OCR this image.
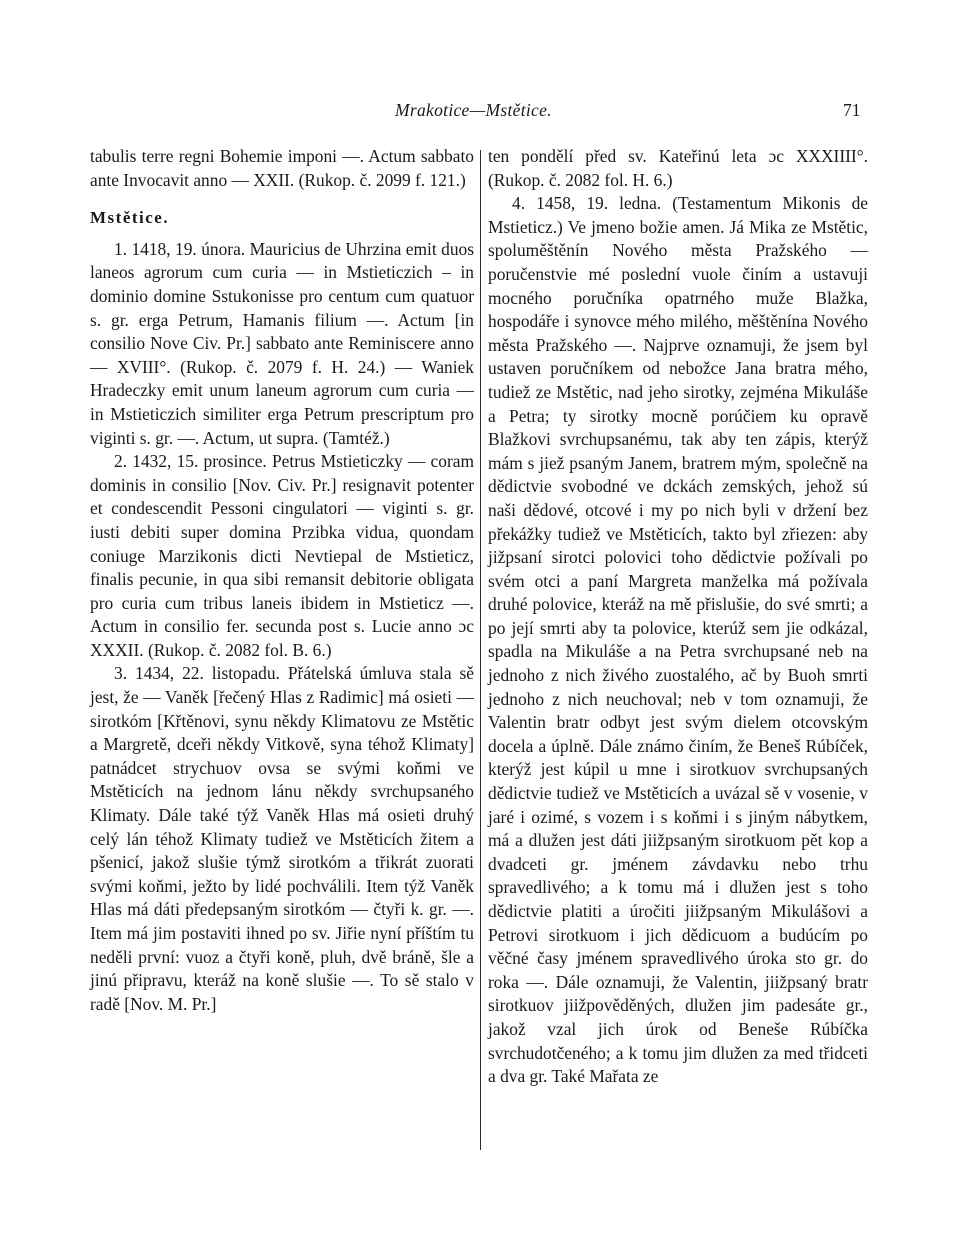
Mrakotice—Mstětice.	71

tabulis terre regni Bohemie imponi —. Actum sabbato ante Invocavit anno — XXII. (Rukop. č. 2099 f. 121.)

Mstětice.

1. 1418, 19. února. Mauricius de Uhrzina emit duos laneos agrorum cum curia — in Mstieticzich – in dominio domine Sstukonisse pro centum cum quatuor s. gr. erga Petrum, Hamanis filium —. Actum [in consilio Nove Civ. Pr.] sabbato ante Reminiscere anno — XVIII°. (Rukop. č. 2079 f. H. 24.) — Waniek Hradeczky emit unum laneum agrorum cum curia — in Mstieticzich similiter erga Petrum prescriptum pro viginti s. gr. —. Actum, ut supra. (Tamtéž.)

2. 1432, 15. prosince. Petrus Mstieticzky — coram dominis in consilio [Nov. Civ. Pr.] resignavit potenter et condescendit Pessoni cingulatori — viginti s. gr. iusti debiti super domina Przibka vidua, quondam coniuge Marzikonis dicti Nevtiepal de Mstieticz, finalis pecunie, in qua sibi remansit debitorie obligata pro curia cum tribus laneis ibidem in Mstieticz —. Actum in consilio fer. secunda post s. Lucie anno ɔc XXXII. (Rukop. č. 2082 fol. B. 6.)

3. 1434, 22. listopadu. Přátelská úmluva stala sě jest, že — Vaněk [řečený Hlas z Radimic] má osieti — sirotkóm [Křtěnovi, synu někdy Klimatovu ze Mstětic a Margretě, dceři někdy Vitkově, syna téhož Klimaty] patnádcet strychuov ovsa se svými koňmi ve Mstěticích na jednom lánu někdy svrchupsaného Klimaty. Dále také týž Vaněk Hlas má osieti druhý celý lán téhož Klimaty tudiež ve Mstěticích žitem a pšenicí, jakož slušie týmž sirotkóm a třikrát zuorati svými koňmi, ježto by lidé pochválili. Item týž Vaněk Hlas má dáti předepsaným sirotkóm — čtyři k. gr. —. Item má jim postaviti ihned po sv. Jiřie nyní příštím tu neděli první: vuoz a čtyři koně, pluh, dvě bráně, šle a jinú připravu, kteráž na koně slušie —. To sě stalo v radě [Nov. M. Pr.]

ten pondělí před sv. Kateřinú leta ɔc XXXIIII°. (Rukop. č. 2082 fol. H. 6.)

4. 1458, 19. ledna. (Testamentum Mikonis de Mstieticz.) Ve jmeno božie amen. Já Mika ze Mstětic, spoluměštěnín Nového města Pražského — poručenstvie mé poslední vuole činím a ustavuji mocného poručníka opatrného muže Blažka, hospodáře i synovce mého milého, měštěnína Nového města Pražského —. Najprve oznamuji, že jsem byl ustaven poručníkem od nebožce Jana bratra mého, tudiež ze Mstětic, nad jeho sirotky, zejména Mikuláše a Petra; ty sirotky mocně porúčiem ku opravě Blažkovi svrchupsanému, tak aby ten zápis, kterýž mám s jiež psaným Janem, bratrem mým, společně na dědictvie svobodné ve dckách zemských, jehož sú naši dědové, otcové i my po nich byli v držení bez překážky tudiež ve Mstěticích, takto byl zřiezen: aby jižpsaní sirotci polovici toho dědictvie požívali po svém otci a paní Margreta manželka má požívala druhé polovice, kteráž na mě přislušie, do své smrti; a po její smrti aby ta polovice, kterúž sem jie odkázal, spadla na Mikuláše a na Petra svrchupsané neb na jednoho z nich živého zuostalého, ač by Buoh smrti jednoho z nich neuchoval; neb v tom oznamuji, že Valentin bratr odbyt jest svým dielem otcovským docela a úplně. Dále známo činím, že Beneš Rúbíček, kterýž jest kúpil u mne i sirotkuov svrchupsaných dědictvie tudiež ve Mstěticích a uvázal sě v vosenie, v jaré i ozimé, s vozem i s koňmi i s jiným nábytkem, má a dlužen jest dáti jiižpsaným sirotkuom pět kop a dvadceti gr. jménem závdavku nebo trhu spravedlivého; a k tomu má i dlužen jest s toho dědictvie platiti a úročiti jiižpsaným Mikulášovi a Petrovi sirotkuom i jich dědicuom a budúcím po věčné časy jménem spravedlivého úroka sto gr. do roka —. Dále oznamuji, že Valentin, jiižpsaný bratr sirotkuov jiižpověděných, dlužen jim padesáte gr., jakož vzal jich úrok od Beneše Rúbíčka svrchudotčeného; a k tomu jim dlužen za med třidceti a dva gr. Také Mařata ze
